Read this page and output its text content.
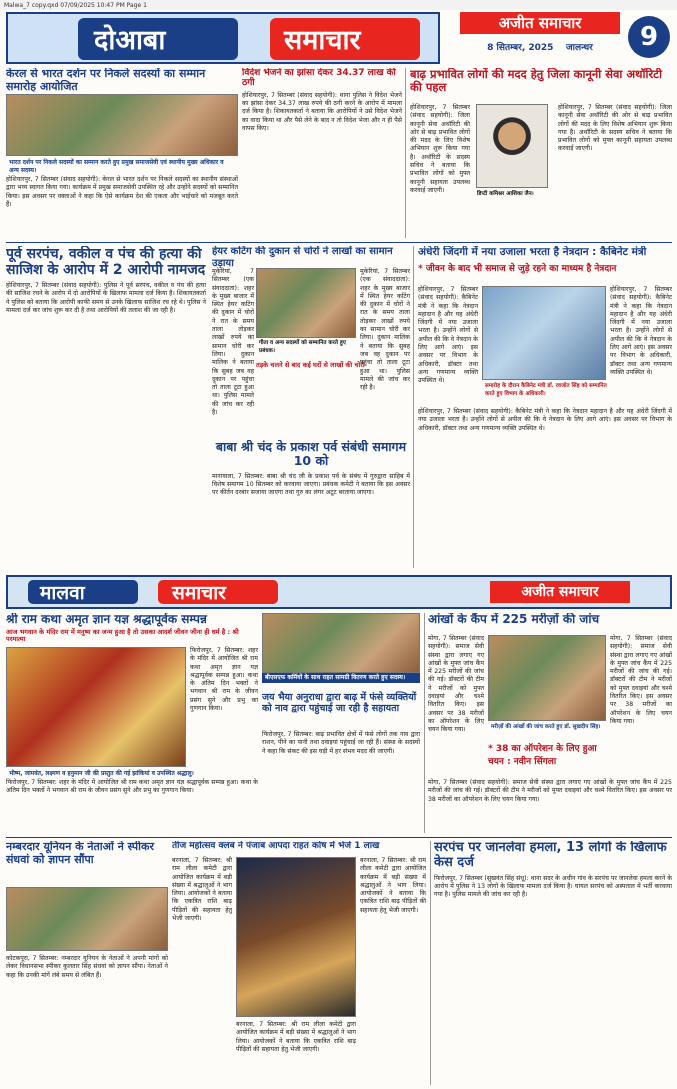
Malwa_7 copy.qxd 07/09/2025 10:47 PM Page 1
दोआबा	समाचार
अजीत समाचार
8 सितम्बर, 2025 जालन्धर	9
केरल से भारत दर्शन पर निकले सदस्यों का सम्मान समारोह आयोजित
भारत दर्शन पर निकले सदस्यों का सम्मान करते हुए प्रमुख समाजसेवी एवं स्थानीय मुख्य अधिकार व अन्य सदस्य।
होशियारपुर, 7 सितम्बर (संवाद सहयोगी): केरल से भारत दर्शन पर निकले सदस्यों का स्थानीय संस्थाओं द्वारा भव्य स्वागत किया गया। कार्यक्रम में प्रमुख समाजसेवी उपस्थित रहे और उन्होंने सदस्यों को सम्मानित किया। इस अवसर पर वक्ताओं ने कहा कि ऐसे कार्यक्रम देश की एकता और भाईचारे को मजबूत करते हैं।
विदेश भेजने का झांसा देकर 34.37 लाख की ठगी
होशियारपुर, 7 सितम्बर (संवाद सहयोगी): थाना पुलिस ने विदेश भेजने का झांसा देकर 34.37 लाख रुपये की ठगी करने के आरोप में मामला दर्ज किया है। शिकायतकर्ता ने बताया कि आरोपियों ने उसे विदेश भेजने का वादा किया था और पैसे लेने के बाद न तो विदेश भेजा और न ही पैसे वापस किए।
बाढ़ प्रभावित लोगों की मदद हेतु जिला कानूनी सेवा अथॉरिटी की पहल
होशियारपुर, 7 सितम्बर (संवाद सहयोगी): जिला कानूनी सेवा अथॉरिटी की ओर से बाढ़ प्रभावित लोगों की मदद के लिए विशेष अभियान शुरू किया गया है। अथॉरिटी के सदस्य सचिव ने बताया कि प्रभावित लोगों को मुफ्त कानूनी सहायता उपलब्ध करवाई जाएगी।
डिप्टी कमिश्नर आशिका जैन।
होशियारपुर, 7 सितम्बर (संवाद सहयोगी): जिला कानूनी सेवा अथॉरिटी की ओर से बाढ़ प्रभावित लोगों की मदद के लिए विशेष अभियान शुरू किया गया है। अथॉरिटी के सदस्य सचिव ने बताया कि प्रभावित लोगों को मुफ्त कानूनी सहायता उपलब्ध करवाई जाएगी।
पूर्व सरपंच, वकील व पंच की हत्या की साजिश के आरोप में 2 आरोपी नामजद
होशियारपुर, 7 सितम्बर (संवाद सहयोगी): पुलिस ने पूर्व सरपंच, वकील व पंच की हत्या की साजिश रचने के आरोप में दो आरोपियों के खिलाफ मामला दर्ज किया है। शिकायतकर्ता ने पुलिस को बताया कि आरोपी काफी समय से उनके खिलाफ साजिश रच रहे थे। पुलिस ने मामला दर्ज कर जांच शुरू कर दी है तथा आरोपियों की तलाश की जा रही है।
हेयर कटिंग की दुकान से चोरों ने लाखों का सामान उड़ाया
गीता व अन्य सदस्यों को सम्मानित करते हुए प्रबंधक।
मुकेरियां, 7 सितम्बर (एक संवाददाता): शहर के मुख्य बाजार में स्थित हेयर कटिंग की दुकान में चोरों ने रात के समय ताला तोड़कर लाखों रुपये का सामान चोरी कर लिया। दुकान मालिक ने बताया कि सुबह जब वह दुकान पर पहुंचा तो ताला टूटा हुआ था। पुलिस मामले की जांच कर रही है।
मुकेरियां, 7 सितम्बर (एक संवाददाता): शहर के मुख्य बाजार में स्थित हेयर कटिंग की दुकान में चोरों ने रात के समय ताला तोड़कर लाखों रुपये का सामान चोरी कर लिया। दुकान मालिक ने बताया कि सुबह जब वह दुकान पर पहुंचा तो ताला टूटा हुआ था। पुलिस मामले की जांच कर रही है।
तड़के चलने से बाद कई घरों से लाखों की चोरी
बाबा श्री चंद के प्रकाश पर्व संबंधी समागम 10 को
मानावाला, 7 सितम्बर: बाबा श्री चंद जी के प्रकाश पर्व के संबंध में गुरुद्वारा साहिब में विशेष समागम 10 सितम्बर को करवाया जाएगा। प्रबंधक कमेटी ने बताया कि इस अवसर पर कीर्तन दरबार सजाया जाएगा तथा गुरु का लंगर अटूट बरताया जाएगा।
अंधेरी जिंदगी में नया उजाला भरता है नेत्रदान : कैबिनेट मंत्री
* जीवन के बाद भी समाज से जुड़े रहने का माध्यम है नेत्रदान
होशियारपुर, 7 सितम्बर (संवाद सहयोगी): कैबिनेट मंत्री ने कहा कि नेत्रदान महादान है और यह अंधेरी जिंदगी में नया उजाला भरता है। उन्होंने लोगों से अपील की कि वे नेत्रदान के लिए आगे आएं। इस अवसर पर विभाग के अधिकारी, डॉक्टर तथा अन्य गणमान्य व्यक्ति उपस्थित थे।
होशियारपुर, 7 सितम्बर (संवाद सहयोगी): कैबिनेट मंत्री ने कहा कि नेत्रदान महादान है और यह अंधेरी जिंदगी में नया उजाला भरता है। उन्होंने लोगों से अपील की कि वे नेत्रदान के लिए आगे आएं। इस अवसर पर विभाग के अधिकारी, डॉक्टर तथा अन्य गणमान्य व्यक्ति उपस्थित थे।
समारोह के दौरान कैबिनेट मंत्री डॉ. रवजोत सिंह को सम्मानित करते हुए विभाग के अधिकारी।
होशियारपुर, 7 सितम्बर (संवाद सहयोगी): कैबिनेट मंत्री ने कहा कि नेत्रदान महादान है और यह अंधेरी जिंदगी में नया उजाला भरता है। उन्होंने लोगों से अपील की कि वे नेत्रदान के लिए आगे आएं। इस अवसर पर विभाग के अधिकारी, डॉक्टर तथा अन्य गणमान्य व्यक्ति उपस्थित थे।
मालवा	समाचार	अजीत समाचार
श्री राम कथा अमृत ज्ञान यज्ञ श्रद्धापूर्वक सम्पन्न
आज भगवान के मंदिर राम में मनुष्य का जन्म हुआ है तो उसका आदर्श जीवन जीना ही धर्म है : श्री परमात्मा
फिरोजपुर, 7 सितम्बर: शहर के मंदिर में आयोजित श्री राम कथा अमृत ज्ञान यज्ञ श्रद्धापूर्वक सम्पन्न हुआ। कथा के अंतिम दिन भक्तों ने भगवान श्री राम के जीवन प्रसंग सुने और प्रभु का गुणगान किया।
भीष्म, जामवंत, लक्ष्मण व हनुमान जी की प्रस्तुत की गई झांकियां व उपस्थित श्रद्धालु।
फिरोजपुर, 7 सितम्बर: शहर के मंदिर में आयोजित श्री राम कथा अमृत ज्ञान यज्ञ श्रद्धापूर्वक सम्पन्न हुआ। कथा के अंतिम दिन भक्तों ने भगवान श्री राम के जीवन प्रसंग सुने और प्रभु का गुणगान किया।
बीएसएफ कर्मियों के साथ राहत सामग्री वितरण करते हुए सदस्य।
जय भैया अनुराधा द्वारा बाढ़ में फंसे व्यक्तियों को नाव द्वारा पहुंचाई जा रही है सहायता
फिरोजपुर, 7 सितम्बर: बाढ़ प्रभावित क्षेत्रों में फंसे लोगों तक नाव द्वारा राशन, पीने का पानी तथा दवाइयां पहुंचाई जा रही हैं। संस्था के सदस्यों ने कहा कि संकट की इस घड़ी में हर संभव मदद की जाएगी।
आंखों के कैंप में 225 मरीज़ों की जांच
मोगा, 7 सितम्बर (संवाद सहयोगी): समाज सेवी संस्था द्वारा लगाए गए आंखों के मुफ्त जांच कैंप में 225 मरीजों की जांच की गई। डॉक्टरों की टीम ने मरीजों को मुफ्त दवाइयां और चश्मे वितरित किए। इस अवसर पर 38 मरीजों का ऑपरेशन के लिए चयन किया गया।
मोगा, 7 सितम्बर (संवाद सहयोगी): समाज सेवी संस्था द्वारा लगाए गए आंखों के मुफ्त जांच कैंप में 225 मरीजों की जांच की गई। डॉक्टरों की टीम ने मरीजों को मुफ्त दवाइयां और चश्मे वितरित किए। इस अवसर पर 38 मरीजों का ऑपरेशन के लिए चयन किया गया।
मरीज़ों की आंखों की जांच करते हुए डॉ. सुखदीप सिंह।
* 38 का ऑपरेशन के लिए हुआ चयन : नवीन सिंगला
मोगा, 7 सितम्बर (संवाद सहयोगी): समाज सेवी संस्था द्वारा लगाए गए आंखों के मुफ्त जांच कैंप में 225 मरीजों की जांच की गई। डॉक्टरों की टीम ने मरीजों को मुफ्त दवाइयां और चश्मे वितरित किए। इस अवसर पर 38 मरीजों का ऑपरेशन के लिए चयन किया गया।
नम्बरदार यूनियन के नेताओं ने स्पीकर संधवां को ज्ञापन सौंपा
कोटकपूरा, 7 सितम्बर: नम्बरदार यूनियन के नेताओं ने अपनी मांगों को लेकर विधानसभा स्पीकर कुलतार सिंह संधवां को ज्ञापन सौंपा। नेताओं ने कहा कि उनकी मांगें लंबे समय से लंबित हैं।
तीज महोत्सव क्लब ने पंजाब आपदा राहत कोष में भेजे 1 लाख
बरनाला, 7 सितम्बर: श्री राम लीला कमेटी द्वारा आयोजित कार्यक्रम में बड़ी संख्या में श्रद्धालुओं ने भाग लिया। आयोजकों ने बताया कि एकत्रित राशि बाढ़ पीड़ितों की सहायता हेतु भेजी जाएगी।
बरनाला, 7 सितम्बर: श्री राम लीला कमेटी द्वारा आयोजित कार्यक्रम में बड़ी संख्या में श्रद्धालुओं ने भाग लिया। आयोजकों ने बताया कि एकत्रित राशि बाढ़ पीड़ितों की सहायता हेतु भेजी जाएगी।
बरनाला, 7 सितम्बर: श्री राम लीला कमेटी द्वारा आयोजित कार्यक्रम में बड़ी संख्या में श्रद्धालुओं ने भाग लिया। आयोजकों ने बताया कि एकत्रित राशि बाढ़ पीड़ितों की सहायता हेतु भेजी जाएगी।
सरपंच पर जानलेवा हमला, 13 लोगों के खिलाफ केस दर्ज
फिरोजपुर, 7 सितम्बर (सुखवंत सिंह संधू): थाना सदर के अधीन गांव के सरपंच पर जानलेवा हमला करने के आरोप में पुलिस ने 13 लोगों के खिलाफ मामला दर्ज किया है। घायल सरपंच को अस्पताल में भर्ती करवाया गया है। पुलिस मामले की जांच कर रही है।
